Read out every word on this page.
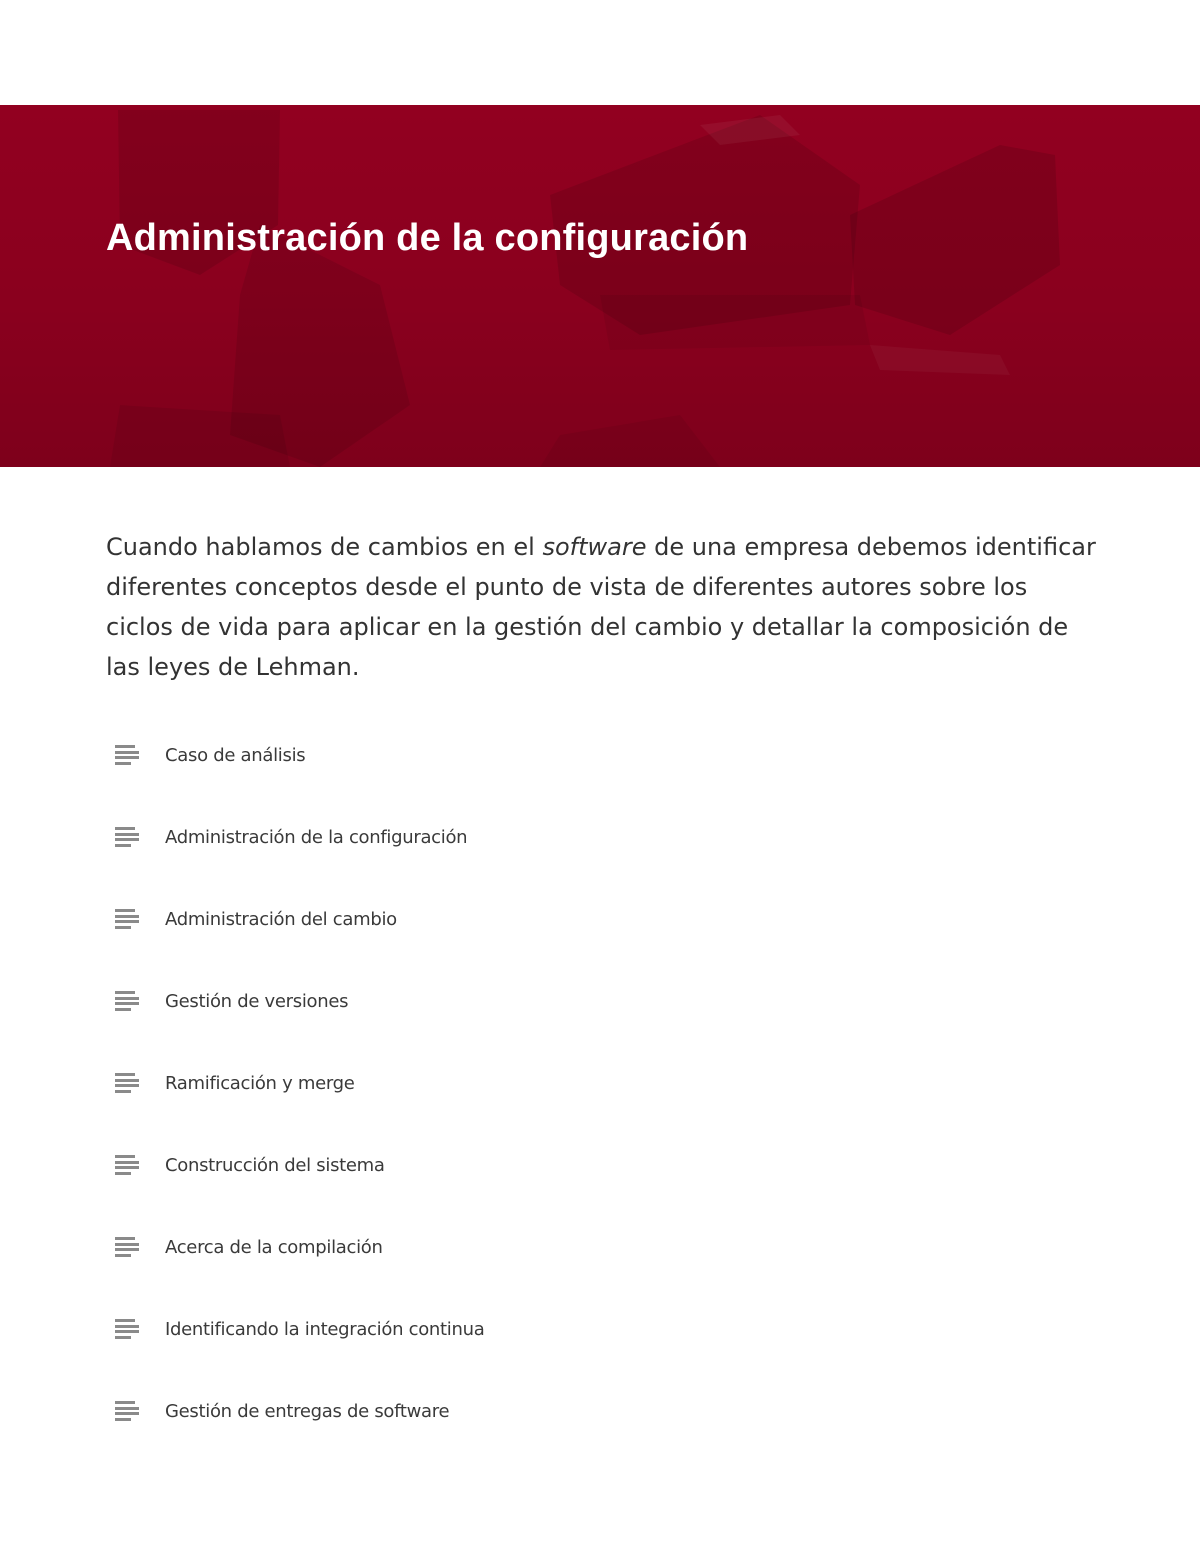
Administración de la configuración

Cuando hablamos de cambios en el software de una empresa debemos identificar diferentes conceptos desde el punto de vista de diferentes autores sobre los ciclos de vida para aplicar en la gestión del cambio y detallar la composición de las leyes de Lehman.

Caso de análisis
Administración de la configuración
Administración del cambio
Gestión de versiones
Ramificación y merge
Construcción del sistema
Acerca de la compilación
Identificando la integración continua
Gestión de entregas de software
